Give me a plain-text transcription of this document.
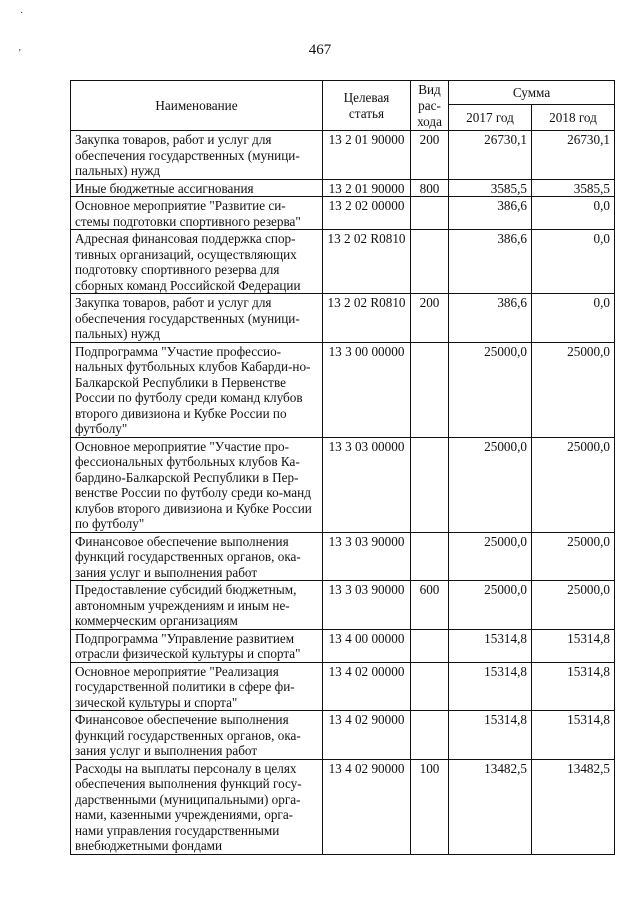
·
ʼ	467
Наименование	Целевая статья	Вид рас-хода	Сумма	
			2017 год	2018 год
Закупка товаров, работ и услуг для обеспечения государственных (муници-пальных) нужд	13 2 01 90000	200	26730,1	26730,1
Иные бюджетные ассигнования	13 2 01 90000	800	3585,5	3585,5
Основное мероприятие "Развитие си-стемы подготовки спортивного резерва"	13 2 02 00000		386,6	0,0
Адресная финансовая поддержка спор-тивных организаций, осуществляющих подготовку спортивного резерва для сборных команд Российской Федерации	13 2 02 R0810		386,6	0,0
Закупка товаров, работ и услуг для обеспечения государственных (муници-пальных) нужд	13 2 02 R0810	200	386,6	0,0
Подпрограмма "Участие профессио-нальных футбольных клубов Кабарди-но-Балкарской Республики в Первенстве России по футболу среди команд клубов второго дивизиона и Кубке России по футболу"	13 3 00 00000		25000,0	25000,0
Основное мероприятие "Участие про-фессиональных футбольных клубов Ка-бардино-Балкарской Республики в Пер-венстве России по футболу среди ко-манд клубов второго дивизиона и Кубке России по футболу"	13 3 03 00000		25000,0	25000,0
Финансовое обеспечение выполнения функций государственных органов, ока-зания услуг и выполнения работ	13 3 03 90000		25000,0	25000,0
Предоставление субсидий бюджетным, автономным учреждениям и иным не-коммерческим организациям	13 3 03 90000	600	25000,0	25000,0
Подпрограмма "Управление развитием отрасли физической культуры и спорта"	13 4 00 00000		15314,8	15314,8
Основное мероприятие "Реализация государственной политики в сфере фи-зической культуры и спорта"	13 4 02 00000		15314,8	15314,8
Финансовое обеспечение выполнения функций государственных органов, ока-зания услуг и выполнения работ	13 4 02 90000		15314,8	15314,8
Расходы на выплаты персоналу в целях обеспечения выполнения функций госу-дарственными (муниципальными) орга-нами, казенными учреждениями, орга-нами управления государственными внебюджетными фондами	13 4 02 90000	100	13482,5	13482,5
